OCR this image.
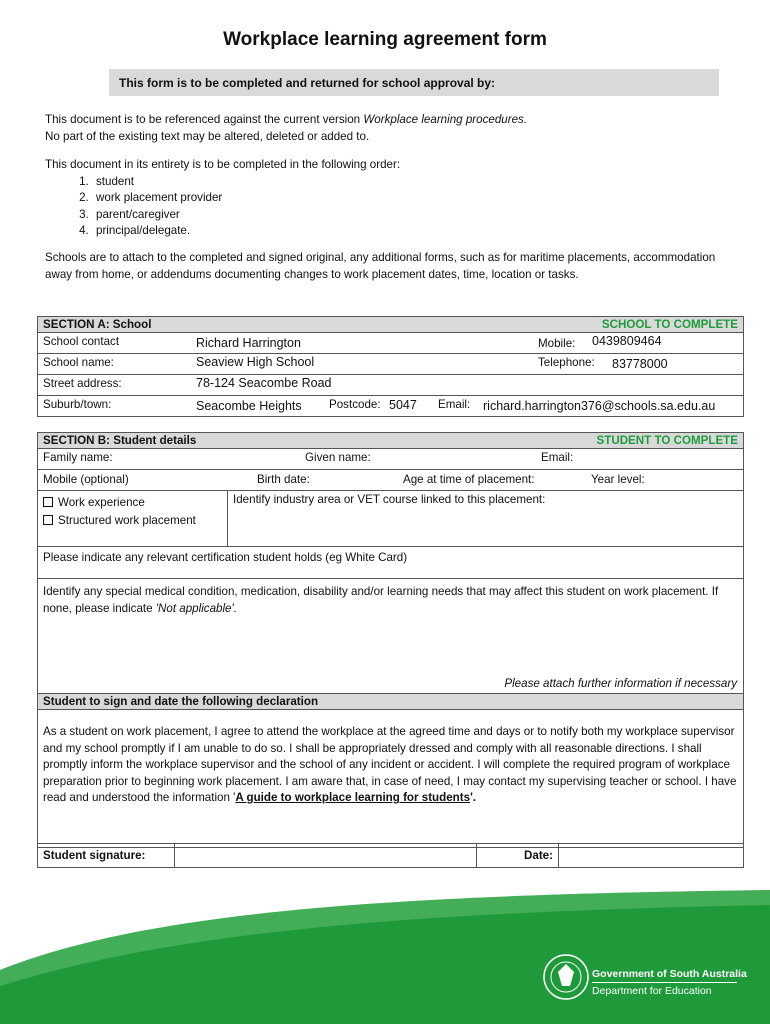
Workplace learning agreement form
This form is to be completed and returned for school approval by:
This document is to be referenced against the current version Workplace learning procedures.
No part of the existing text may be altered, deleted or added to.
This document in its entirety is to be completed in the following order:
1. student
2. work placement provider
3. parent/caregiver
4. principal/delegate.
Schools are to attach to the completed and signed original, any additional forms, such as for maritime placements, accommodation away from home, or addendums documenting changes to work placement dates, time, location or tasks.
SECTION A: School	SCHOOL TO COMPLETE

School contact	Richard Harrington	Mobile: 0439809464

School name:	Seaview High School	Telephone: 83778000

Street address:	78-124 Seacombe Road

Suburb/town:	Seacombe Heights Postcode: 5047 Email: richard.harrington376@schools.sa.edu.au
SECTION B: Student details	STUDENT TO COMPLETE

Family name:	Given name:	Email:

Mobile (optional)	Birth date:	Age at time of placement:	Year level:

Work experience
Structured work placement
	Identify industry area or VET course linked to this placement:
Please indicate any relevant certification student holds (eg White Card)
Identify any special medical condition, medication, disability and/or learning needs that may affect this student on work placement. If none, please indicate 'Not applicable'.
Please attach further information if necessary

Student to sign and date the following declaration
As a student on work placement, I agree to attend the workplace at the agreed time and days or to notify both my workplace supervisor and my school promptly if I am unable to do so. I shall be appropriately dressed and comply with all reasonable directions. I shall promptly inform the workplace supervisor and the school of any incident or accident. I will complete the required program of workplace preparation prior to beginning work placement. I am aware that, in case of need, I may contact my supervising teacher or school. I have read and understood the information 'A guide to workplace learning for students'.
Student signature:		Date:	
Government of South Australia
Department for Education
